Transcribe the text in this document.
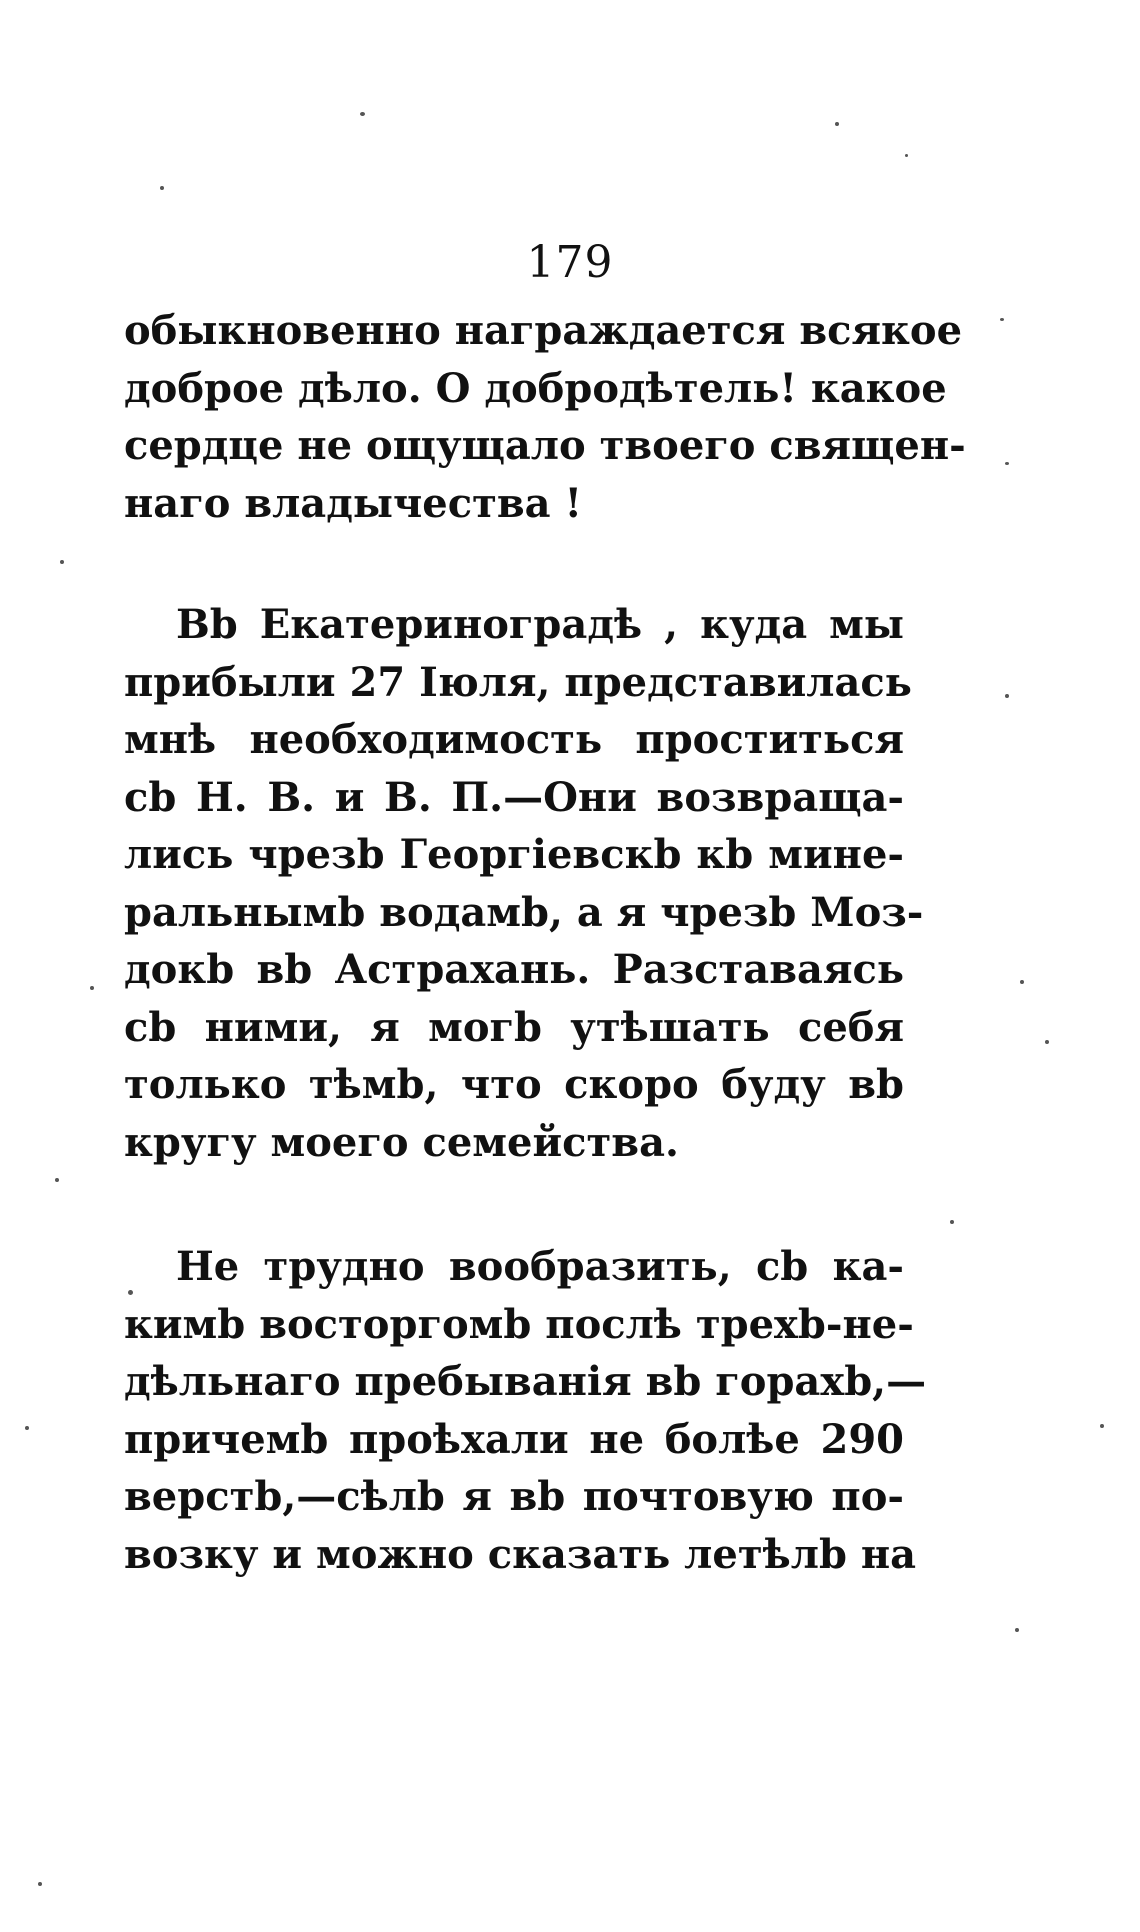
179
обыкновенно награждается всякое
доброе дѣло. О добродѣтель! какое
сердце не ощущало твоего священ-
наго владычества !
Вb Екатериноградѣ , куда мы
прибыли 27 Іюля, представилась
мнѣ необходимость проститься
сb Н. В. и В. П.—Они возвраща-
лись чрезb Георгіевскb кb мине-
ральнымb водамb, а я чрезb Моз-
докb вb Астрахань. Разставаясь
сb ними, я могb утѣшать себя
только тѣмb, что скоро буду вb
кругу моего семейства.
Не трудно вообразить, сb ка-
кимb восторгомb послѣ трехb-не-
дѣльнаго пребыванія вb горахb,—
причемb проѣхали не болѣе 290
верстb,—сѣлb я вb почтовую по-
возку и можно сказать летѣлb на
